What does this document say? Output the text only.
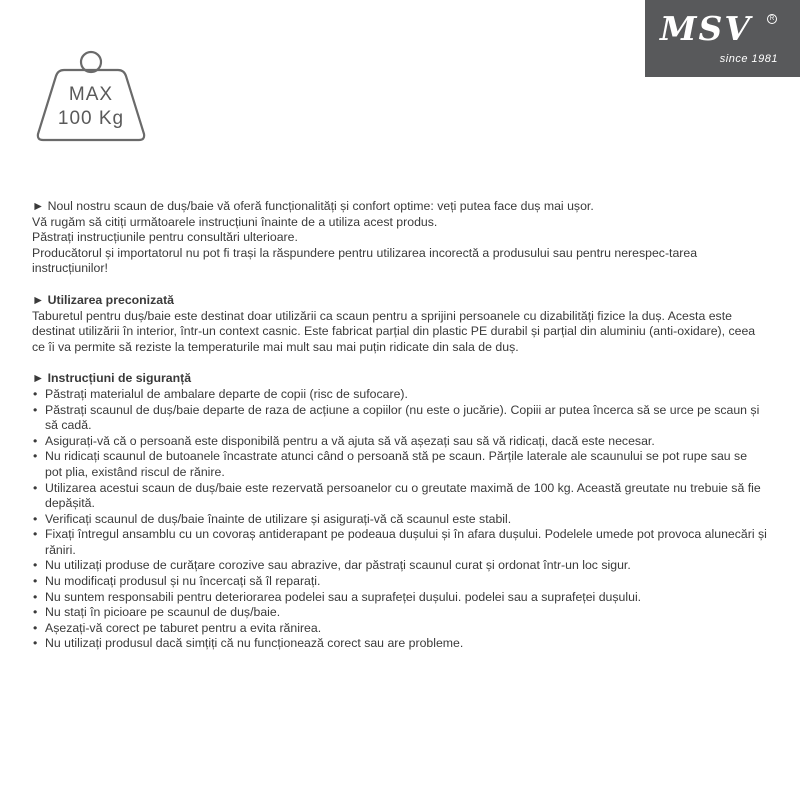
MSV	R
since 1981
MAX
100 Kg

► Noul nostru scaun de duș/baie vă oferă funcționalități și confort optime: veți putea face duș mai ușor.

Vă rugăm să citiți următoarele instrucțiuni înainte de a utiliza acest produs.

Păstrați instrucțiunile pentru consultări ulterioare.

Producătorul și importatorul nu pot fi trași la răspundere pentru utilizarea incorectă a produsului sau pentru nerespec-tarea instrucțiunilor!

► Utilizarea preconizată

Taburetul pentru duș/baie este destinat doar utilizării ca scaun pentru a sprijini persoanele cu dizabilități fizice la duș. Acesta este destinat utilizării în interior, într-un context casnic. Este fabricat parțial din plastic PE durabil și parțial din aluminiu (anti-oxidare), ceea ce îi va permite să reziste la temperaturile mai mult sau mai puțin ridicate din sala de duș.

► Instrucțiuni de siguranță
• Păstrați materialul de ambalare departe de copii (risc de sufocare).
• Păstrați scaunul de duș/baie departe de raza de acțiune a copiilor (nu este o jucărie). Copiii ar putea încerca să se urce pe scaun și să cadă.
• Asigurați-vă că o persoană este disponibilă pentru a vă ajuta să vă așezați sau să vă ridicați, dacă este necesar.
• Nu ridicați scaunul de butoanele încastrate atunci când o persoană stă pe scaun. Părțile laterale ale scaunului se pot rupe sau se pot plia, existând riscul de rănire.
• Utilizarea acestui scaun de duș/baie este rezervată persoanelor cu o greutate maximă de 100 kg. Această greutate nu trebuie să fie depășită.
• Verificați scaunul de duș/baie înainte de utilizare și asigurați-vă că scaunul este stabil.
• Fixați întregul ansamblu cu un covoraș antiderapant pe podeaua dușului și în afara dușului. Podelele umede pot provoca alunecări și răniri.
• Nu utilizați produse de curățare corozive sau abrazive, dar păstrați scaunul curat și ordonat într-un loc sigur.
• Nu modificați produsul și nu încercați să îl reparați.
• Nu suntem responsabili pentru deteriorarea podelei sau a suprafeței dușului. podelei sau a suprafeței dușului.
• Nu stați în picioare pe scaunul de duș/baie.
• Așezați-vă corect pe taburet pentru a evita rănirea.
• Nu utilizați produsul dacă simțiți că nu funcționează corect sau are probleme.
